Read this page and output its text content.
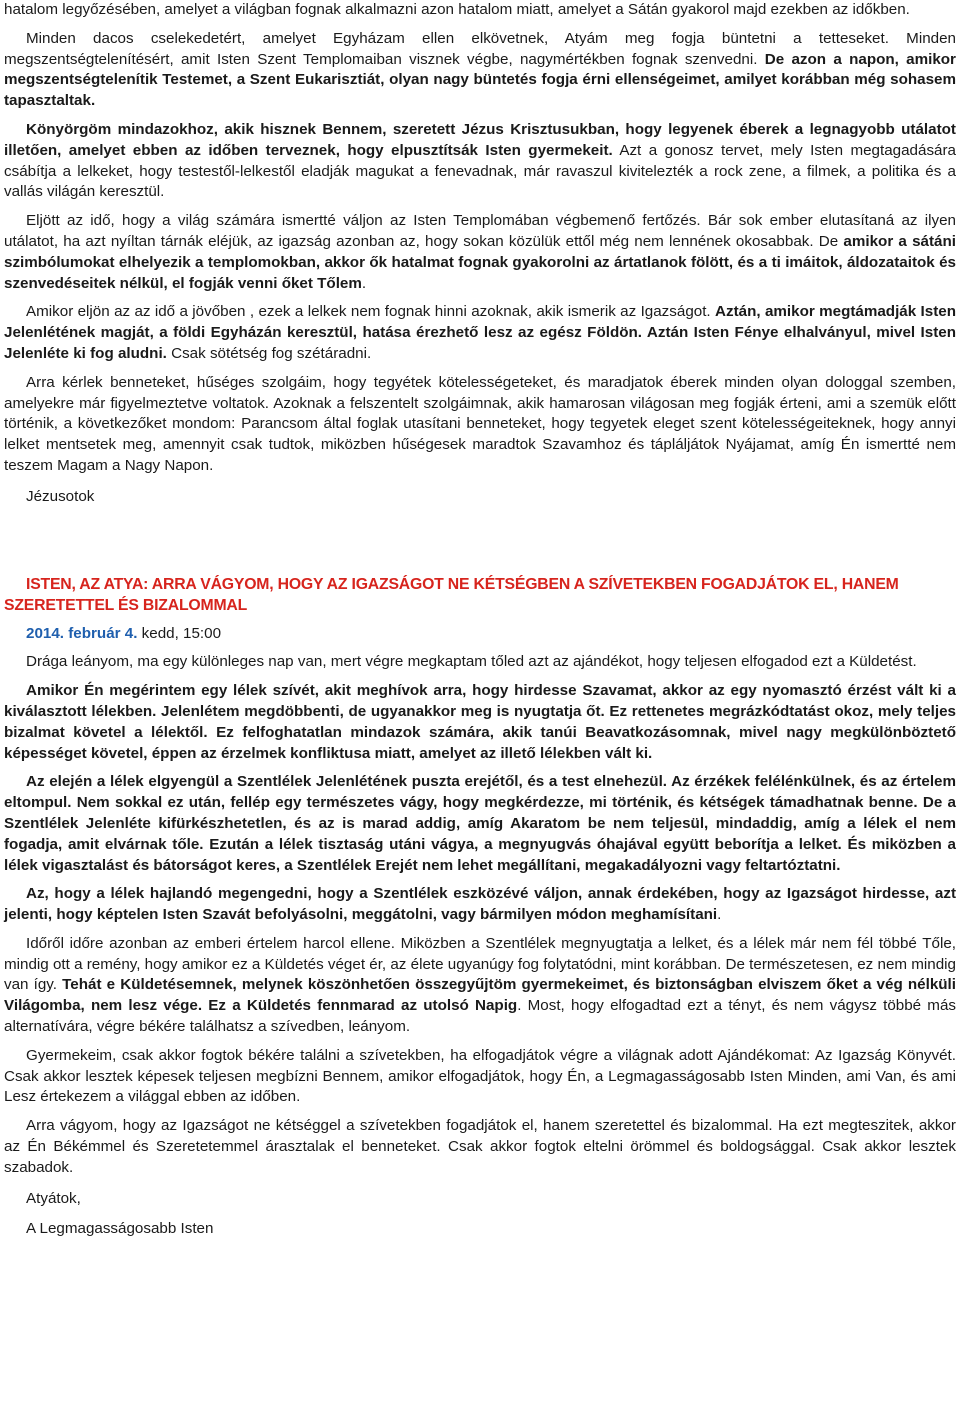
hatalom legyőzésében, amelyet a világban fognak alkalmazni azon hatalom miatt, amelyet a Sátán gyakorol majd ezekben az időkben.

Minden dacos cselekedetért, amelyet Egyházam ellen elkövetnek, Atyám meg fogja büntetni a tetteseket. Minden megszentségtelenítésért, amit Isten Szent Templomaiban visznek végbe, nagymértékben fognak szenvedni. De azon a napon, amikor megszentségtelenítik Testemet, a Szent Eukarisztiát, olyan nagy büntetés fogja érni ellenségeimet, amilyet korábban még sohasem tapasztaltak.

Könyörgöm mindazokhoz, akik hisznek Bennem, szeretett Jézus Krisztusukban, hogy legyenek éberek a legnagyobb utálatot illetően, amelyet ebben az időben terveznek, hogy elpusztítsák Isten gyermekeit. Azt a gonosz tervet, mely Isten megtagadására csábítja a lelkeket, hogy testestől-lelkestől eladják magukat a fenevadnak, már ravaszul kivitelezték a rock zene, a filmek, a politika és a vallás világán keresztül.

Eljött az idő, hogy a világ számára ismertté váljon az Isten Templomában végbemenő fertőzés. Bár sok ember elutasítaná az ilyen utálatot, ha azt nyíltan tárnák eléjük, az igazság azonban az, hogy sokan közülük ettől még nem lennének okosabbak. De amikor a sátáni szimbólumokat elhelyezik a templomokban, akkor ők hatalmat fognak gyakorolni az ártatlanok fölött, és a ti imáitok, áldozataitok és szenvedéseitek nélkül, el fogják venni őket Tőlem.

Amikor eljön az az idő a jövőben , ezek a lelkek nem fognak hinni azoknak, akik ismerik az Igazságot. Aztán, amikor megtámadják Isten Jelenlétének magját, a földi Egyházán keresztül, hatása érezhető lesz az egész Földön. Aztán Isten Fénye elhalványul, mivel Isten Jelenléte ki fog aludni. Csak sötétség fog szétáradni.

Arra kérlek benneteket, hűséges szolgáim, hogy tegyétek kötelességeteket, és maradjatok éberek minden olyan dologgal szemben, amelyekre már figyelmeztetve voltatok. Azoknak a felszentelt szolgáimnak, akik hamarosan világosan meg fogják érteni, ami a szemük előtt történik, a következőket mondom: Parancsom által foglak utasítani benneteket, hogy tegyetek eleget szent kötelességeiteknek, hogy annyi lelket mentsetek meg, amennyit csak tudtok, miközben hűségesek maradtok Szavamhoz és tápláljátok Nyájamat, amíg Én ismertté nem teszem Magam a Nagy Napon.

Jézusotok

ISTEN, AZ ATYA: ARRA VÁGYOM, HOGY AZ IGAZSÁGOT NE KÉTSÉGBEN A SZÍVETEKBEN FOGADJÁTOK EL, HANEM SZERETETTEL ÉS BIZALOMMAL

2014. február 4. kedd, 15:00

Drága leányom, ma egy különleges nap van, mert végre megkaptam tőled azt az ajándékot, hogy teljesen elfogadod ezt a Küldetést.

Amikor Én megérintem egy lélek szívét, akit meghívok arra, hogy hirdesse Szavamat, akkor az egy nyomasztó érzést vált ki a kiválasztott lélekben. Jelenlétem megdöbbenti, de ugyanakkor meg is nyugtatja őt. Ez rettenetes megrázkódtatást okoz, mely teljes bizalmat követel a lélektől. Ez felfoghatatlan mindazok számára, akik tanúi Beavatkozásomnak, mivel nagy megkülönböztető képességet követel, éppen az érzelmek konfliktusa miatt, amelyet az illető lélekben vált ki.

Az elején a lélek elgyengül a Szentlélek Jelenlétének puszta erejétől, és a test elnehezül. Az érzékek felélénkülnek, és az értelem eltompul. Nem sokkal ez után, fellép egy természetes vágy, hogy megkérdezze, mi történik, és kétségek támadhatnak benne. De a Szentlélek Jelenléte kifürkészhetetlen, és az is marad addig, amíg Akaratom be nem teljesül, mindaddig, amíg a lélek el nem fogadja, amit elvárnak tőle. Ezután a lélek tisztaság utáni vágya, a megnyugvás óhajával együtt beborítja a lelket. És miközben a lélek vigasztalást és bátorságot keres, a Szentlélek Erejét nem lehet megállítani, megakadályozni vagy feltartóztatni.

Az, hogy a lélek hajlandó megengedni, hogy a Szentlélek eszközévé váljon, annak érdekében, hogy az Igazságot hirdesse, azt jelenti, hogy képtelen Isten Szavát befolyásolni, meggátolni, vagy bármilyen módon meghamísítani.

Időről időre azonban az emberi értelem harcol ellene. Miközben a Szentlélek megnyugtatja a lelket, és a lélek már nem fél többé Tőle, mindig ott a remény, hogy amikor ez a Küldetés véget ér, az élete ugyanúgy fog folytatódni, mint korábban. De természetesen, ez nem mindig van így. Tehát e Küldetésemnek, melynek köszönhetően összegyűjtöm gyermekeimet, és biztonságban elviszem őket a vég nélküli Világomba, nem lesz vége. Ez a Küldetés fennmarad az utolsó Napig. Most, hogy elfogadtad ezt a tényt, és nem vágysz többé más alternatívára, végre békére találhatsz a szívedben, leányom.

Gyermekeim, csak akkor fogtok békére találni a szívetekben, ha elfogadjátok végre a világnak adott Ajándékomat: Az Igazság Könyvét. Csak akkor lesztek képesek teljesen megbízni Bennem, amikor elfogadjátok, hogy Én, a Legmagasságosabb Isten Minden, ami Van, és ami Lesz értekezem a világgal ebben az időben.

Arra vágyom, hogy az Igazságot ne kétséggel a szívetekben fogadjátok el, hanem szeretettel és bizalommal. Ha ezt megteszitek, akkor az Én Békémmel és Szeretetemmel árasztalak el benneteket. Csak akkor fogtok eltelni örömmel és boldogsággal. Csak akkor lesztek szabadok.

Atyátok,

A Legmagasságosabb Isten
